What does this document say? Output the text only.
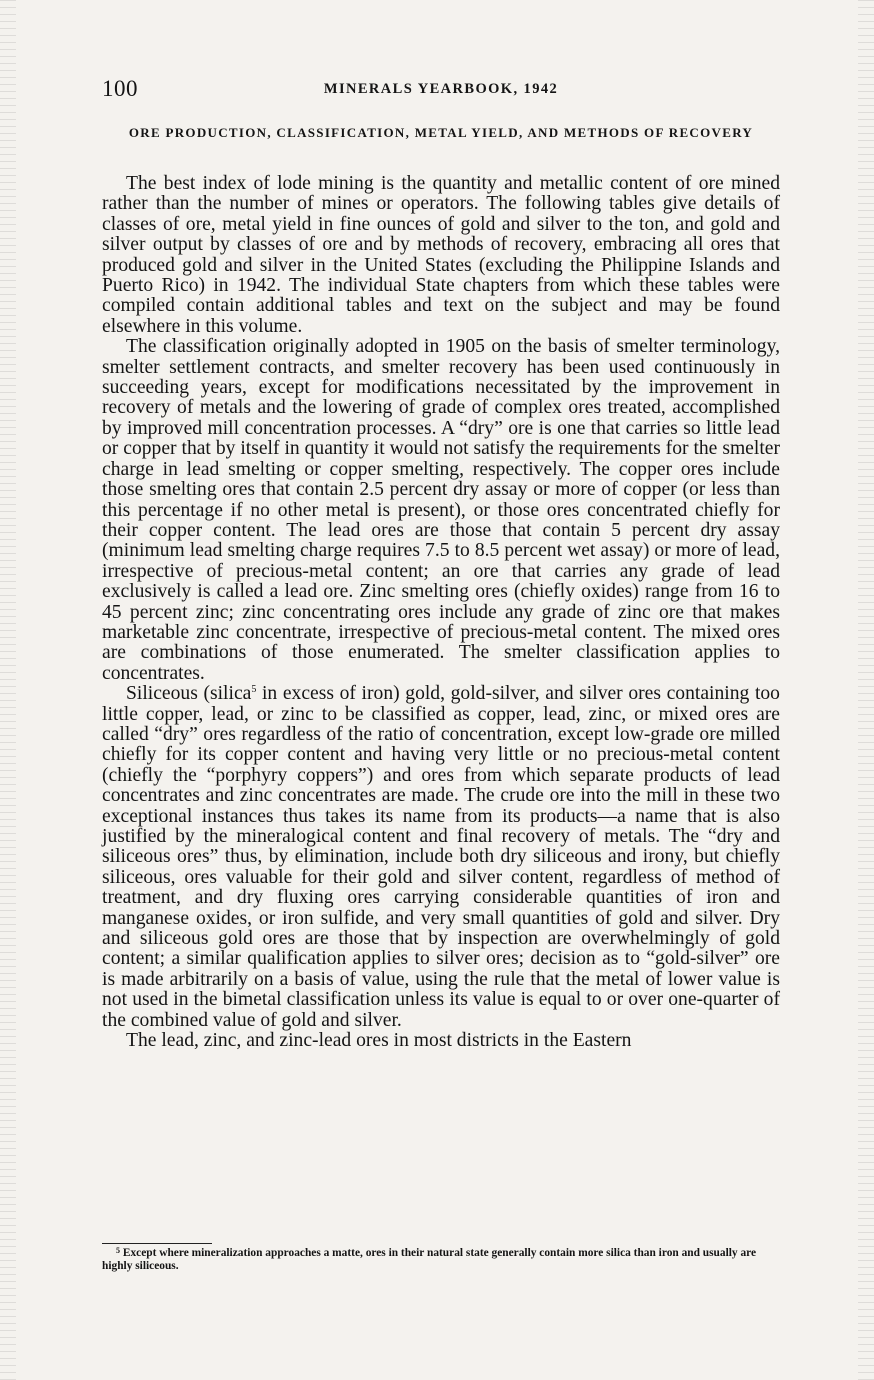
100	MINERALS YEARBOOK, 1942
ORE PRODUCTION, CLASSIFICATION, METAL YIELD, AND METHODS OF RECOVERY

The best index of lode mining is the quantity and metallic content of ore mined rather than the number of mines or operators. The following tables give details of classes of ore, metal yield in fine ounces of gold and silver to the ton, and gold and silver output by classes of ore and by methods of recovery, embracing all ores that produced gold and silver in the United States (excluding the Philippine Islands and Puerto Rico) in 1942. The individual State chapters from which these tables were compiled contain additional tables and text on the subject and may be found elsewhere in this volume.

The classification originally adopted in 1905 on the basis of smelter terminology, smelter settlement contracts, and smelter recovery has been used continuously in succeeding years, except for modifications necessitated by the improvement in recovery of metals and the lowering of grade of complex ores treated, accomplished by improved mill concentration processes. A “dry” ore is one that carries so little lead or copper that by itself in quantity it would not satisfy the requirements for the smelter charge in lead smelting or copper smelting, respectively. The copper ores include those smelting ores that contain 2.5 percent dry assay or more of copper (or less than this percentage if no other metal is present), or those ores concentrated chiefly for their copper content. The lead ores are those that contain 5 percent dry assay (minimum lead smelting charge requires 7.5 to 8.5 percent wet assay) or more of lead, irrespective of precious-metal content; an ore that carries any grade of lead exclusively is called a lead ore. Zinc smelting ores (chiefly oxides) range from 16 to 45 percent zinc; zinc concentrating ores include any grade of zinc ore that makes marketable zinc concentrate, irrespective of precious-metal content. The mixed ores are combinations of those enumerated. The smelter classification applies to concentrates.

Siliceous (silica$^5$ in excess of iron) gold, gold-silver, and silver ores containing too little copper, lead, or zinc to be classified as copper, lead, zinc, or mixed ores are called “dry” ores regardless of the ratio of concentration, except low-grade ore milled chiefly for its copper content and having very little or no precious-metal content (chiefly the “porphyry coppers”) and ores from which separate products of lead concentrates and zinc concentrates are made. The crude ore into the mill in these two exceptional instances thus takes its name from its products—a name that is also justified by the mineralogical content and final recovery of metals. The “dry and siliceous ores” thus, by elimination, include both dry siliceous and irony, but chiefly siliceous, ores valuable for their gold and silver content, regardless of method of treatment, and dry fluxing ores carrying considerable quantities of iron and manganese oxides, or iron sulfide, and very small quantities of gold and silver. Dry and siliceous gold ores are those that by inspection are overwhelmingly of gold content; a similar qualification applies to silver ores; decision as to “gold-silver” ore is made arbitrarily on a basis of value, using the rule that the metal of lower value is not used in the bimetal classification unless its value is equal to or over one-quarter of the combined value of gold and silver.

The lead, zinc, and zinc-lead ores in most districts in the Eastern

$^5$ Except where mineralization approaches a matte, ores in their natural state generally contain more silica than iron and usually are highly siliceous.
